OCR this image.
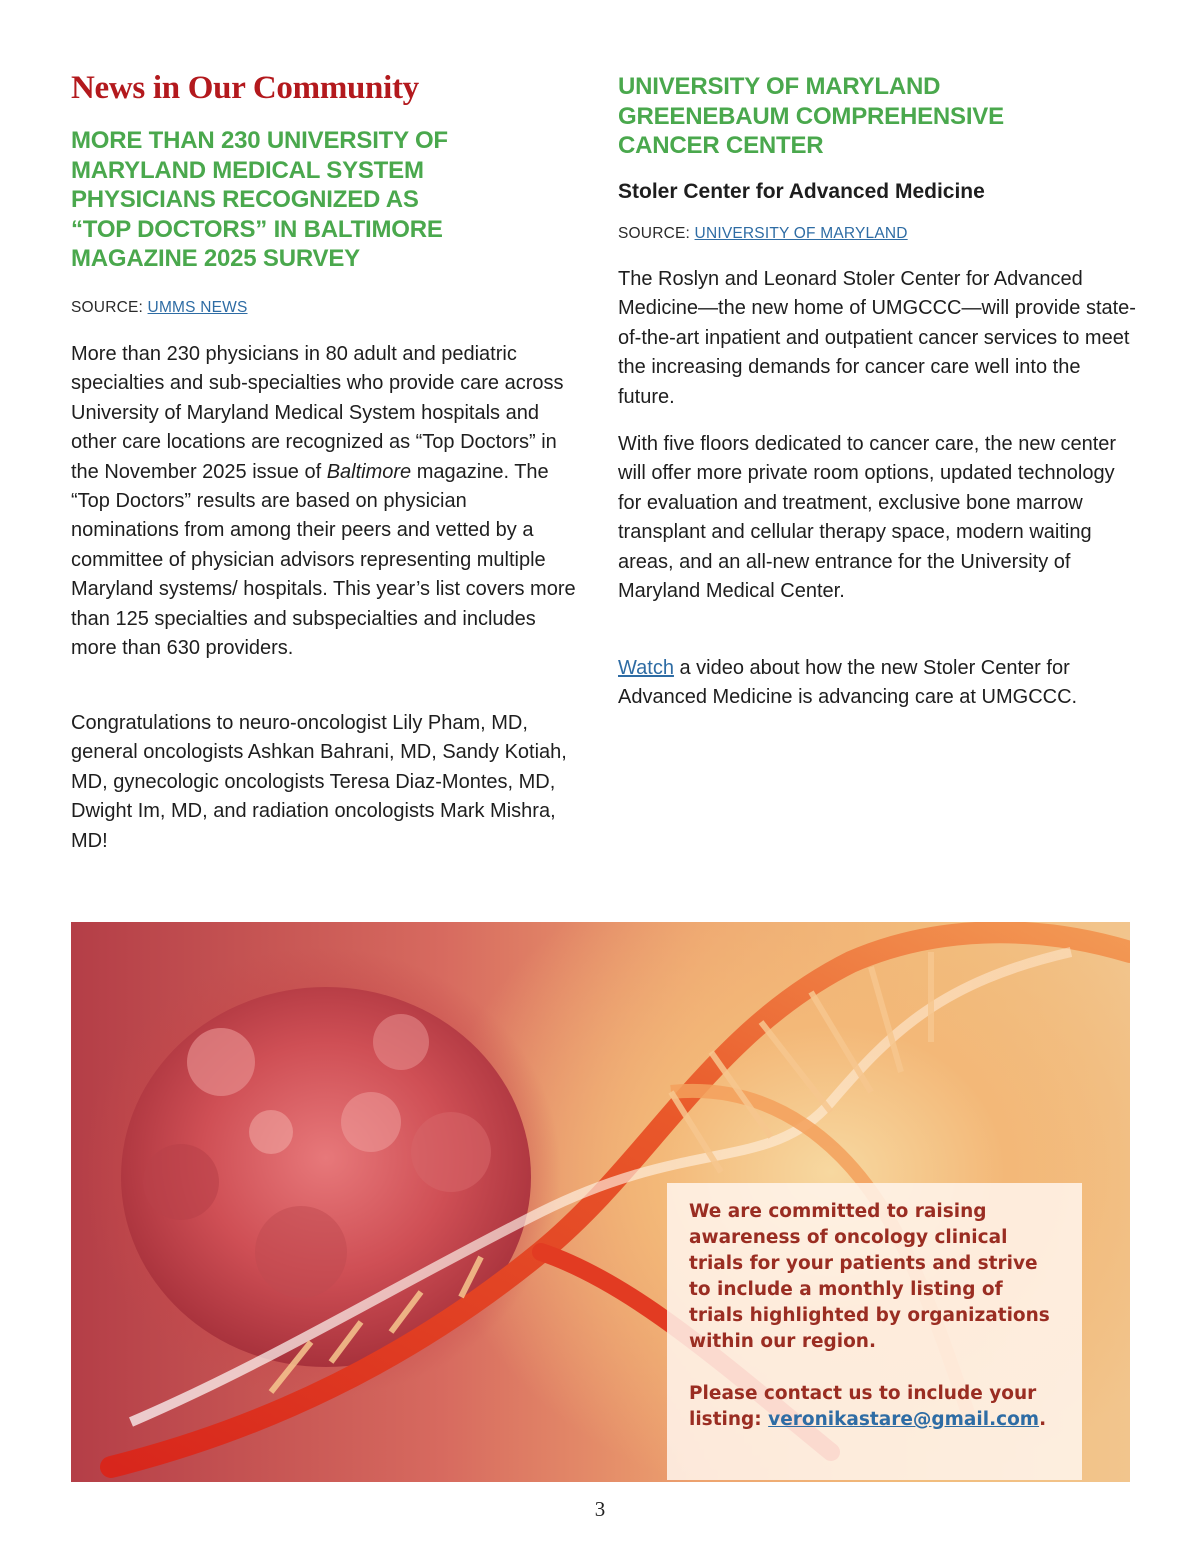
News in Our Community
MORE THAN 230 UNIVERSITY OF
MARYLAND MEDICAL SYSTEM
PHYSICIANS RECOGNIZED AS
“TOP DOCTORS” IN BALTIMORE
MAGAZINE 2025 SURVEY

SOURCE: UMMS NEWS

More than 230 physicians in 80 adult and pediatric specialties and sub-specialties who provide care across University of Maryland Medical System hospitals and other care locations are recognized as “Top Doctors” in the November 2025 issue of Baltimore magazine. The “Top Doctors” results are based on physician nominations from among their peers and vetted by a committee of physician advisors representing multiple Maryland systems/ hospitals. This year’s list covers more than 125 specialties and subspecialties and includes more than 630 providers.

Congratulations to neuro-oncologist Lily Pham, MD, general oncologists Ashkan Bahrani, MD, Sandy Kotiah, MD, gynecologic oncologists Teresa Diaz-Montes, MD, Dwight Im, MD, and radiation oncologists Mark Mishra, MD!

UNIVERSITY OF MARYLAND
GREENEBAUM COMPREHENSIVE
CANCER CENTER
Stoler Center for Advanced Medicine

SOURCE: UNIVERSITY OF MARYLAND

The Roslyn and Leonard Stoler Center for Advanced Medicine—the new home of UMGCCC—will provide state-of-the-art inpatient and outpatient cancer services to meet the increasing demands for cancer care well into the future.

With five floors dedicated to cancer care, the new center will offer more private room options, updated technology for evaluation and treatment, exclusive bone marrow transplant and cellular therapy space, modern waiting areas, and an all-new entrance for the University of Maryland Medical Center.

Watch a video about how the new Stoler Center for Advanced Medicine is advancing care at UMGCCC.

We are committed to raising awareness of oncology clinical trials for your patients and strive to include a monthly listing of trials highlighted by organizations within our region.

Please contact us to include your listing: veronikastare@gmail.com.

3
